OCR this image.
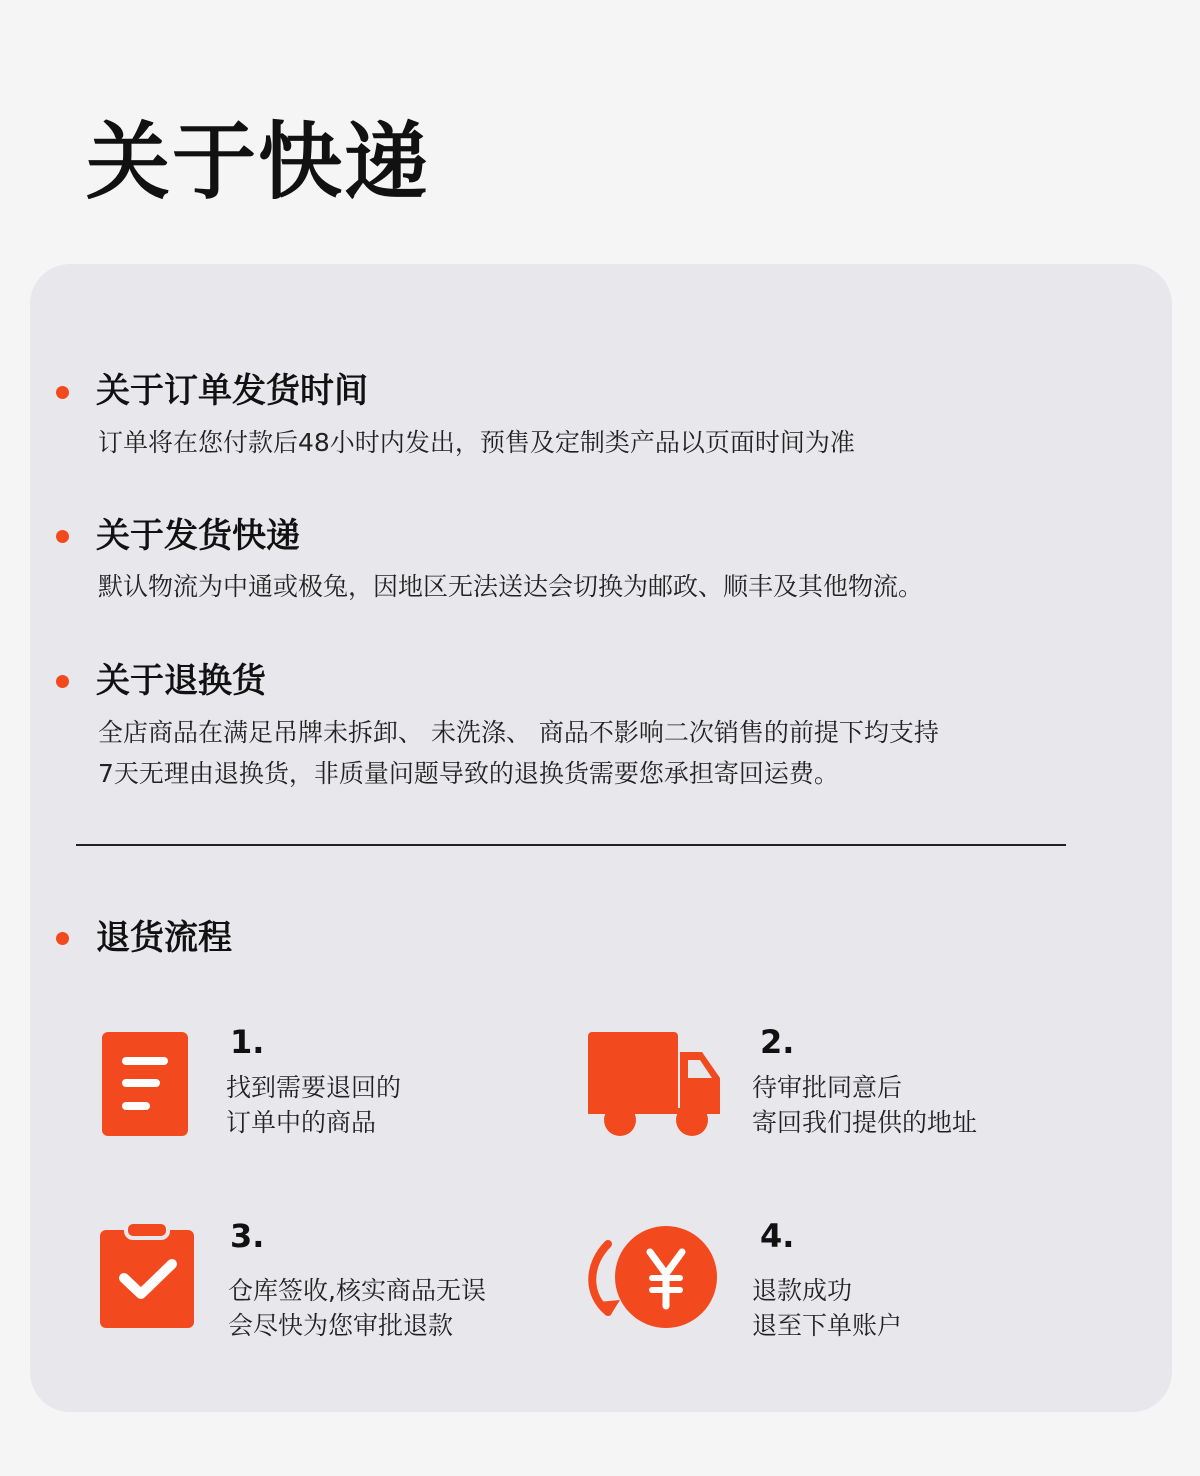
关于快递
关于订单发货时间

订单将在您付款后48小时内发出，预售及定制类产品以页面时间为准

关于发货快递

默认物流为中通或极兔，因地区无法送达会切换为邮政、顺丰及其他物流。

关于退换货

全店商品在满足吊牌未拆卸、 未洗涤、 商品不影响二次销售的前提下均支持

7天无理由退换货，非质量问题导致的退换货需要您承担寄回运费。

退货流程
1.
找到需要退回的
订单中的商品
2.
待审批同意后
寄回我们提供的地址
3.
仓库签收,核实商品无误
会尽快为您审批退款
4.
退款成功
退至下单账户
